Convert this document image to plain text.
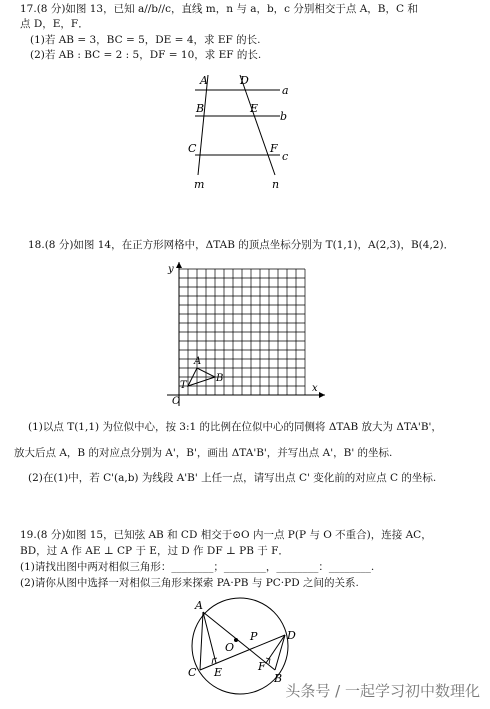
17.(8 分)如图 13，已知 a//b//c，直线 m，n 与 a，b，c 分别相交于点 A，B，C 和
点 D，E，F．
(1)若 AB = 3，BC = 5，DE = 4，求 EF 的长.
(2)若 AB : BC = 2 : 5，DF = 10，求 EF 的长.
A	D
a
B	E
b
C	F
c
m	n
18.(8 分)如图 14，在正方形网格中，ΔTAB 的顶点坐标分别为 T(1,1)，A(2,3)，B(4,2)．
y
x
O
T
A
B
(1)以点 T(1,1) 为位似中心，按 3:1 的比例在位似中心的同侧将 ΔTAB 放大为 ΔTA'B'，
放大后点 A，B 的对应点分别为 A'，B'，画出 ΔTA'B'，并写出点 A'，B' 的坐标.
(2)在(1)中，若 C'(a,b) 为线段 A'B' 上任一点，请写出点 C' 变化前的对应点 C 的坐标.
19.(8 分)如图 15，已知弦 AB 和 CD 相交于⊙O 内一点 P(P 与 O 不重合)，连接 AC，
BD，过 A 作 AE ⊥ CP 于 E，过 D 作 DF ⊥ PB 于 F．
(1)请找出图中两对相似三角形：________；________，________：________.
(2)请你从图中选择一对相似三角形来探索 PA·PB 与 PC·PD 之间的关系.
A
O
P	D
C E	F
B
头条号 / 一起学习初中数理化
